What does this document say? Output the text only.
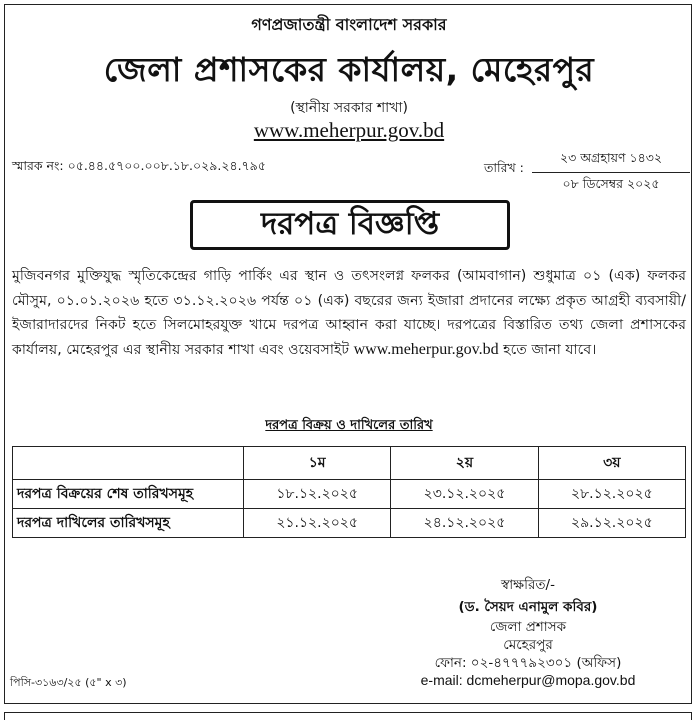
গণপ্রজাতন্ত্রী বাংলাদেশ সরকার
জেলা প্রশাসকের কার্যালয়, মেহেরপুর
(স্থানীয় সরকার শাখা)
www.meherpur.gov.bd
স্মারক নং: ০৫.৪৪.৫৭০০.০০৮.১৮.০২৯.২৪.৭৯৫	তারিখ :
২৩ অগ্রহায়ণ ১৪৩২
০৮ ডিসেম্বর ২০২৫
দরপত্র বিজ্ঞপ্তি
মুজিবনগর মুক্তিযুদ্ধ স্মৃতিকেন্দ্রের গাড়ি পার্কিং এর স্থান ও তৎসংলগ্ন ফলকর (আমবাগান) শুধুমাত্র ০১ (এক) ফলকর মৌসুম, ০১.০১.২০২৬ হতে ৩১.১২.২০২৬ পর্যন্ত ০১ (এক) বছরের জন্য ইজারা প্রদানের লক্ষ্যে প্রকৃত আগ্রহী ব্যবসায়ী/ইজারাদারদের নিকট হতে সিলমোহরযুক্ত খামে দরপত্র আহ্বান করা যাচ্ছে। দরপত্রের বিস্তারিত তথ্য জেলা প্রশাসকের কার্যালয়, মেহেরপুর এর স্থানীয় সরকার শাখা এবং ওয়েবসাইট www.meherpur.gov.bd হতে জানা যাবে।
দরপত্র বিক্রয় ও দাখিলের তারিখ
	১ম	২য়	৩য়
দরপত্র বিক্রয়ের শেষ তারিখসমূহ	১৮.১২.২০২৫	২৩.১২.২০২৫	২৮.১২.২০২৫
দরপত্র দাখিলের তারিখসমূহ	২১.১২.২০২৫	২৪.১২.২০২৫	২৯.১২.২০২৫
স্বাক্ষরিত/-
(ড. সৈয়দ এনামুল কবির)
জেলা প্রশাসক
মেহেরপুর
ফোন: ০২-৪৭৭৭৯২৩০১ (অফিস)
e-mail: dcmeherpur@mopa.gov.bd
পিসি-৩১৬৩/২৫ (৫" x ৩)
